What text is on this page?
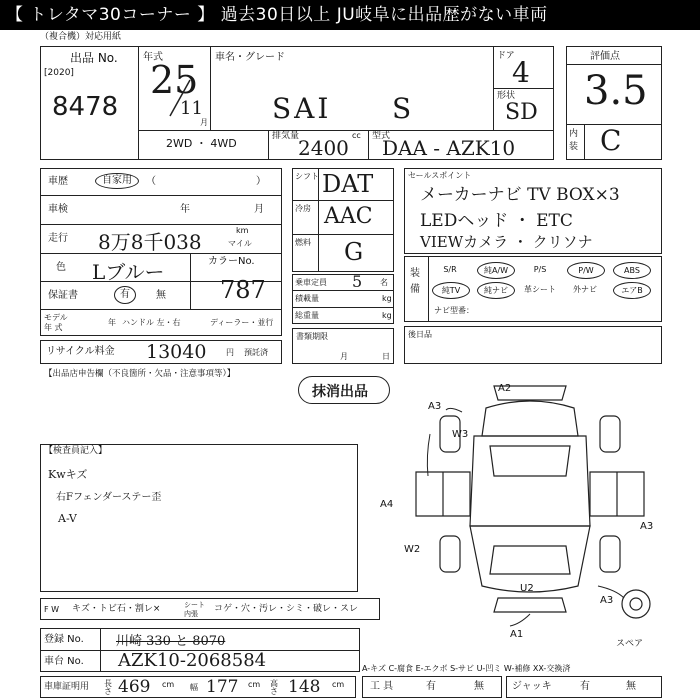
【 トレタマ30コーナー 】 過去30日以上 JU岐阜に出品歴がない車両
（複合機）対応用紙
出品 No.
[2020]
8478
年式
25
11
月
車名・グレード
SAI S
ドア
4
形状
SD
2WD ・ 4WD
排気量	cc
2400	型式
DAA - AZK10
評価点
3.5
内装 C
車歴	自家用	（	）
車検	年	月
走行 8万8千038	km
マイル
色 Lブルー	カラーNo.
787
保証書	有	無
モデル
年 式
年 ハンドル 左・右	ディーラー・並行
リサイクル料金 13040 円 預託済
シフト DAT
冷房 AAC
燃料 G
乗車定員 5 名
積載量	kg
総重量	kg
書類期限
月	日
セールスポイント
メーカーナビ TV BOX×3
LEDヘッド ・ ETC
VIEWカメラ ・ クリソナ
装備
S/R	純A/W	P/S	P/W	ABS
純TV	純ナビ	革シート	外ナビ	エアB
ナビ型番：
後日品
【出品店申告欄（不良箇所・欠品・注意事項等）】
抹消出品
【検査員記入】
Kwキズ
右Fフェンダーステー歪
A-V
A2
A3
W3
A4
W2
A3
U2
A1
A3
スペア
F W キズ・トビ石・割レ×	シート内張	コゲ・穴・汚レ・シミ・破レ・スレ
登録 No. 川崎 330 と 8070
車台 No. AZK10-2068584	A-キズ C-腐食 E-エクボ S-サビ U-凹ミ W-補修 XX-交換済
車庫証明用 長さ 469 cm 幅 177 cm 高さ 148 cm	工 具	有	無	ジャッキ	有	無
